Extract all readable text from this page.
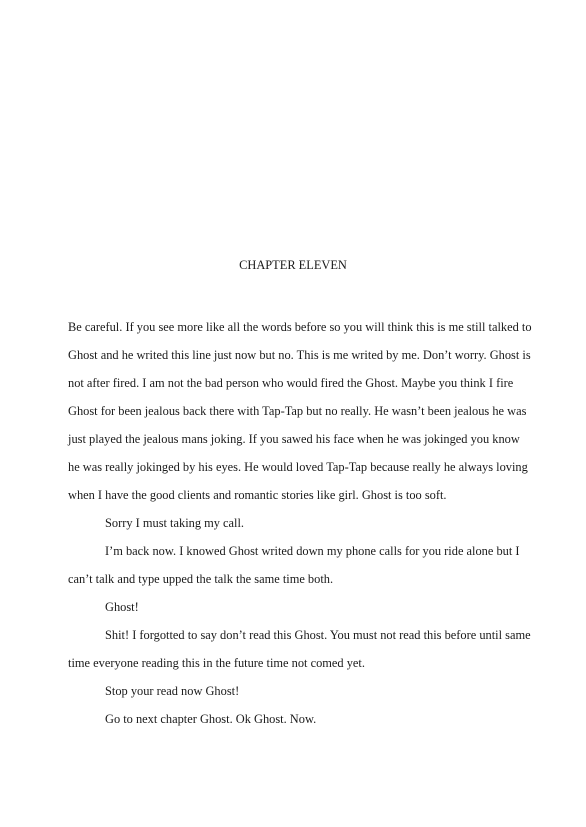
CHAPTER ELEVEN

Be careful. If you see more like all the words before so you will think this is me still talked to
Ghost and he writed this line just now but no. This is me writed by me. Don’t worry. Ghost is
not after fired. I am not the bad person who would fired the Ghost. Maybe you think I fire
Ghost for been jealous back there with Tap-Tap but no really. He wasn’t been jealous he was
just played the jealous mans joking. If you sawed his face when he was jokinged you know
he was really jokinged by his eyes. He would loved Tap-Tap because really he always loving
when I have the good clients and romantic stories like girl. Ghost is too soft.

Sorry I must taking my call.

I’m back now. I knowed Ghost writed down my phone calls for you ride alone but I
can’t talk and type upped the talk the same time both.

Ghost!

Shit! I forgotted to say don’t read this Ghost. You must not read this before until same
time everyone reading this in the future time not comed yet.

Stop your read now Ghost!

Go to next chapter Ghost. Ok Ghost. Now.
